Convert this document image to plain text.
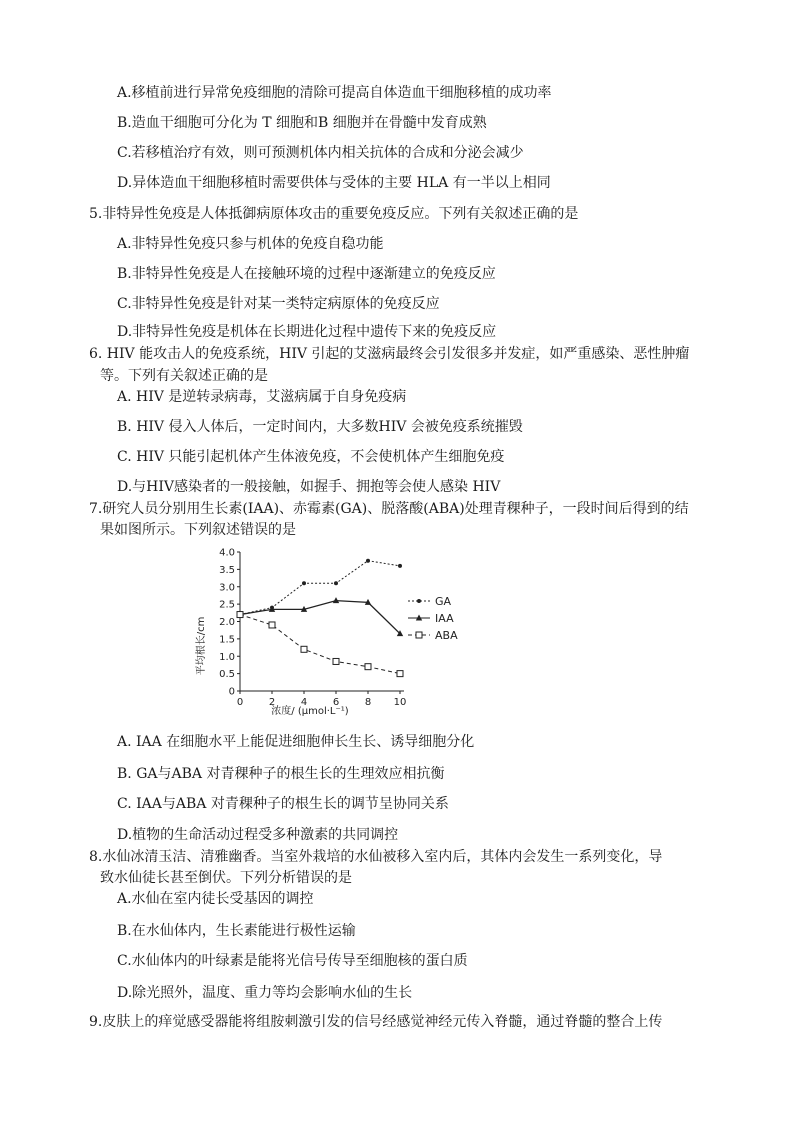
A.移植前进行异常免疫细胞的清除可提高自体造血干细胞移植的成功率
B.造血干细胞可分化为 T 细胞和B 细胞并在骨髓中发育成熟
C.若移植治疗有效，则可预测机体内相关抗体的合成和分泌会减少
D.异体造血干细胞移植时需要供体与受体的主要 HLA 有一半以上相同
5.非特异性免疫是人体抵御病原体攻击的重要免疫反应。下列有关叙述正确的是
A.非特异性免疫只参与机体的免疫自稳功能
B.非特异性免疫是人在接触环境的过程中逐渐建立的免疫反应
C.非特异性免疫是针对某一类特定病原体的免疫反应
D.非特异性免疫是机体在长期进化过程中遗传下来的免疫反应
6. HIV 能攻击人的免疫系统，HIV 引起的艾滋病最终会引发很多并发症，如严重感染、恶性肿瘤
等。下列有关叙述正确的是
A. HIV 是逆转录病毒，艾滋病属于自身免疫病
B. HIV 侵入人体后，一定时间内，大多数HIV 会被免疫系统摧毁
C. HIV 只能引起机体产生体液免疫，不会使机体产生细胞免疫
D.与HIV感染者的一般接触，如握手、拥抱等会使人感染 HIV
7.研究人员分别用生长素(IAA)、赤霉素(GA)、脱落酸(ABA)处理青稞种子，一段时间后得到的结
果如图所示。下列叙述错误的是
A. IAA 在细胞水平上能促进细胞伸长生长、诱导细胞分化
B. GA与ABA 对青稞种子的根生长的生理效应相抗衡
C. IAA与ABA 对青稞种子的根生长的调节呈协同关系
D.植物的生命活动过程受多种激素的共同调控
8.水仙冰清玉洁、清雅幽香。当室外栽培的水仙被移入室内后，其体内会发生一系列变化，导
致水仙徒长甚至倒伏。下列分析错误的是
A.水仙在室内徒长受基因的调控
B.在水仙体内，生长素能进行极性运输
C.水仙体内的叶绿素是能将光信号传导至细胞核的蛋白质
D.除光照外，温度、重力等均会影响水仙的生长
9.皮肤上的痒觉感受器能将组胺刺激引发的信号经感觉神经元传入脊髓，通过脊髓的整合上传
0
0.5
1.0
1.5
2.0
2.5
3.0
3.5
4.0
0	2	4	6	8 10
GA
IAA
ABA
平均根长/cm
浓度/ (μmol·L⁻¹)
